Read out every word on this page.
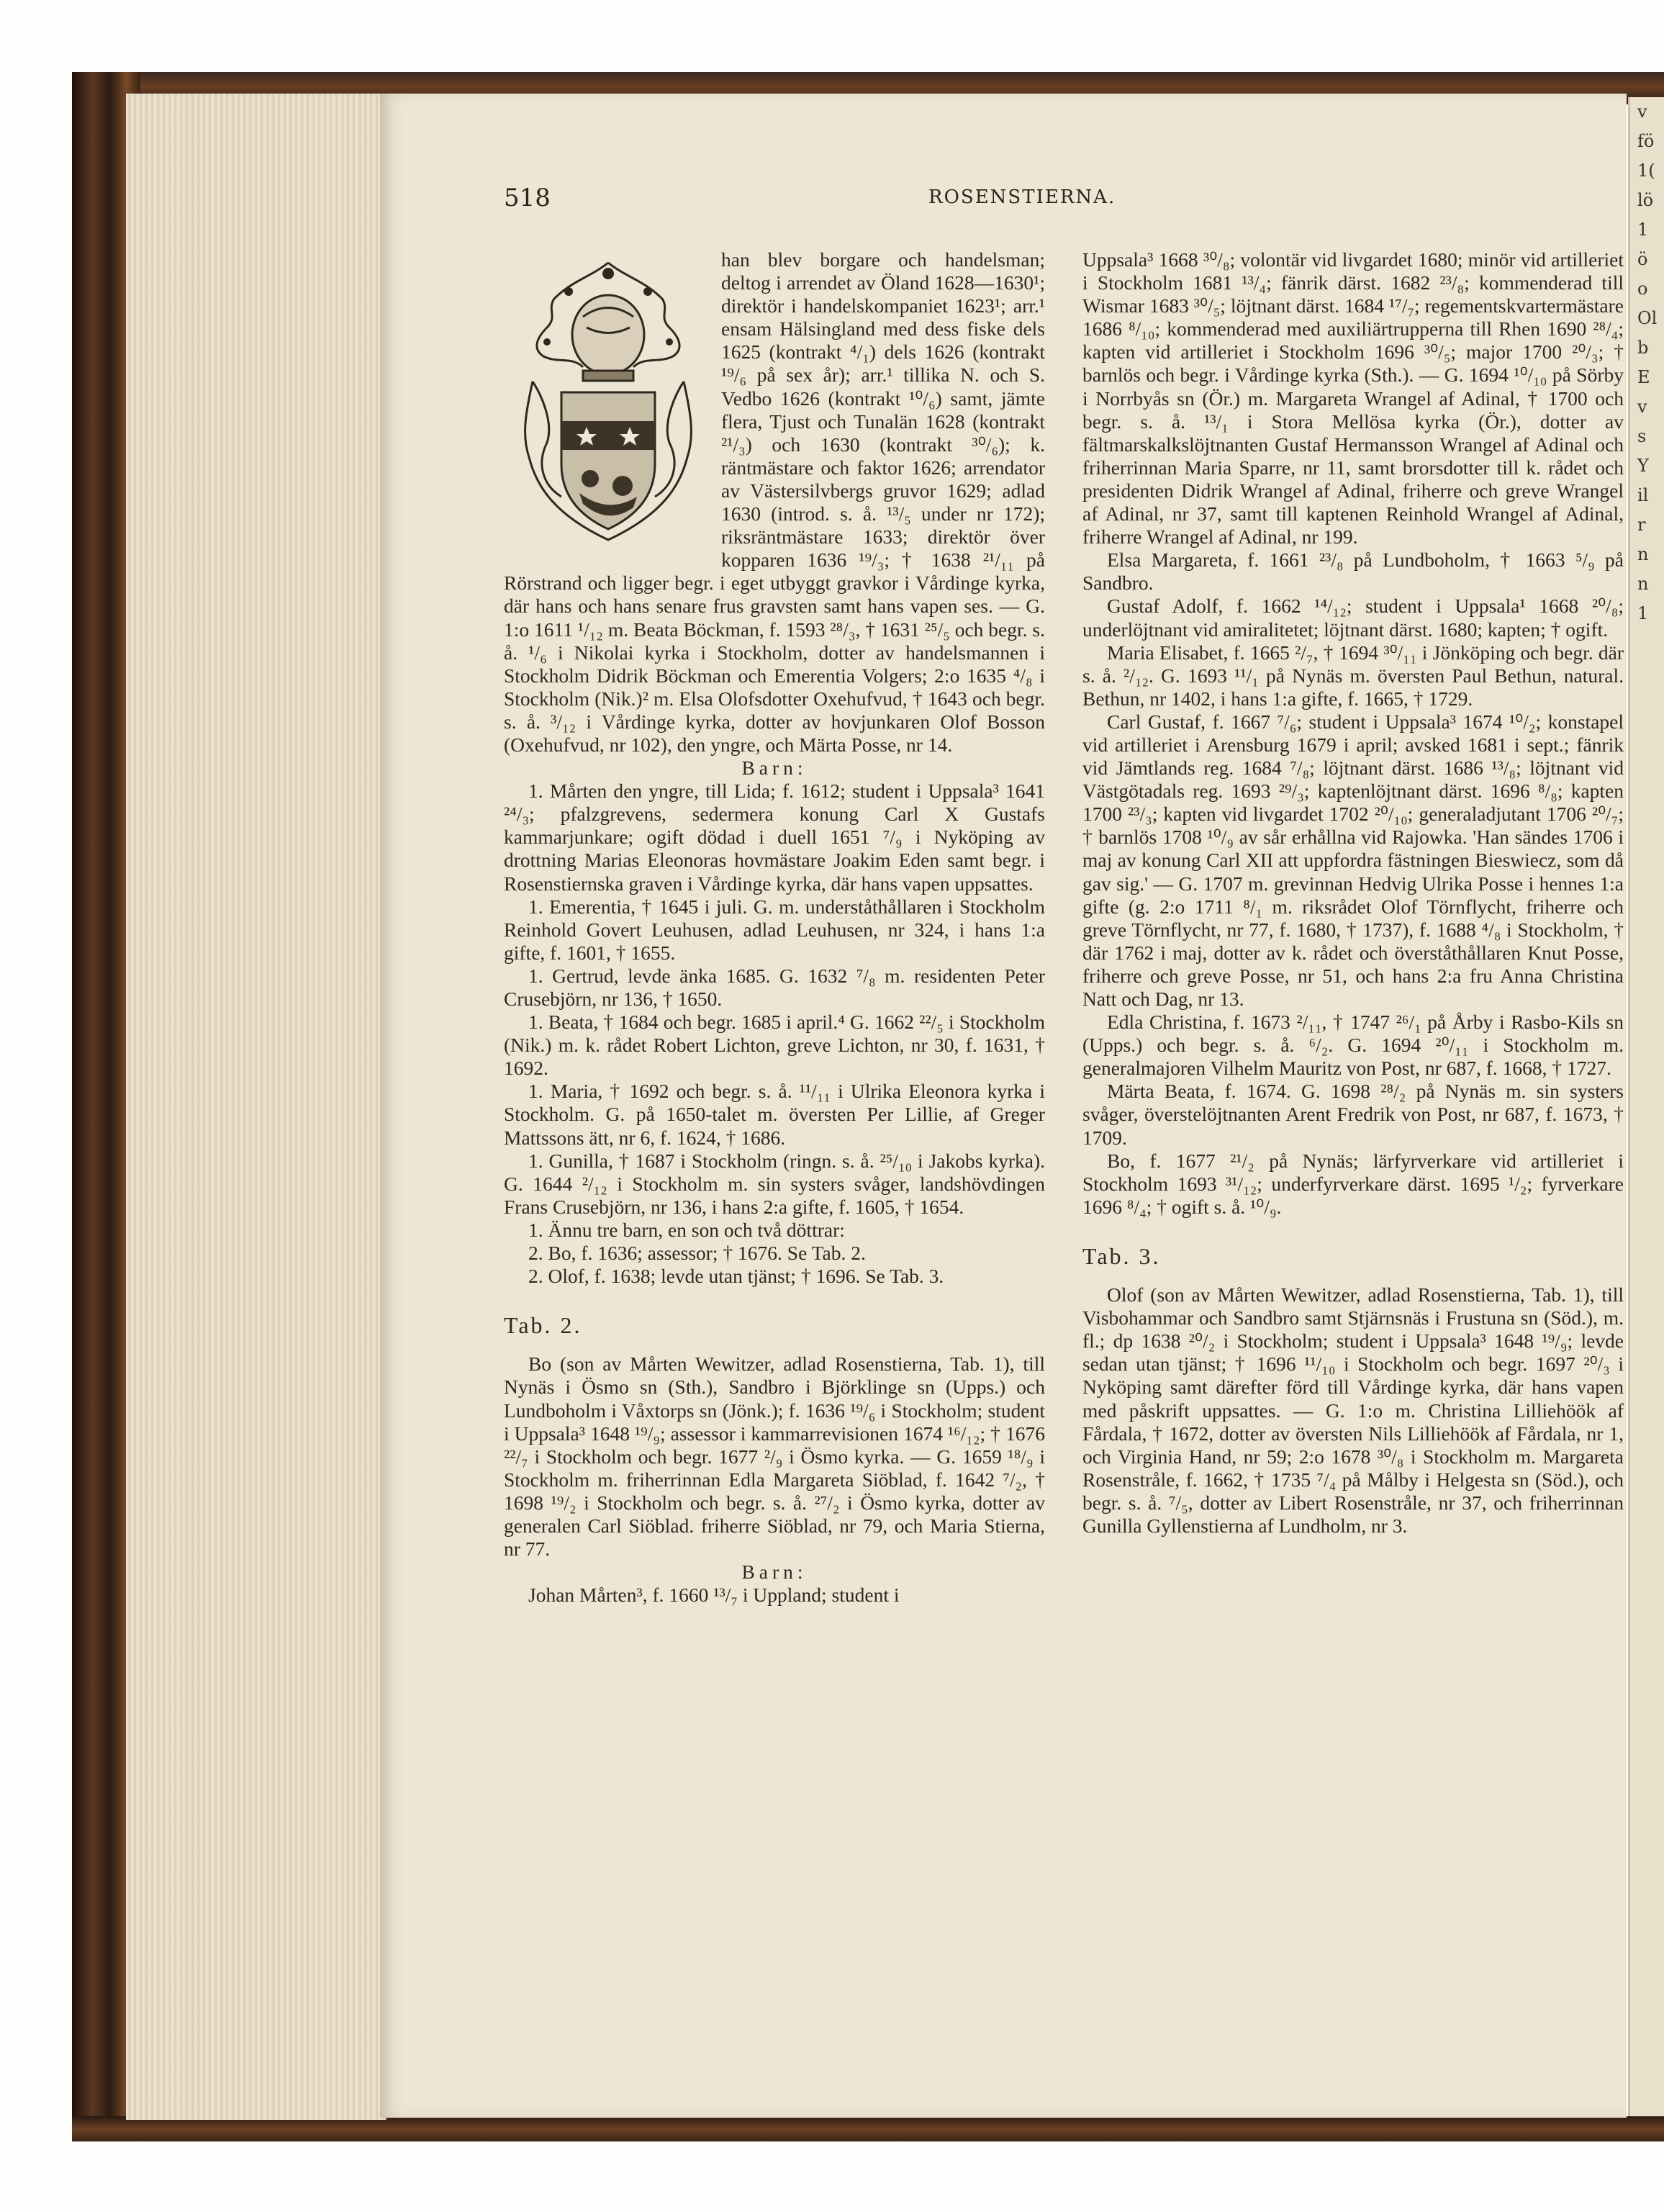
v
fö
1(
lö
1
ö
o
Ol
b
E
v
s
Y
il
r
n
n
1
518	ROSENSTIERNA.

han blev borgare och handelsman; deltog i arrendet av Öland 1628—1630¹; direktör i handelskompaniet 1623¹; arr.¹ ensam Hälsingland med dess fiske dels 1625 (kontrakt ⁴/₁) dels 1626 (kontrakt ¹⁹/₆ på sex år); arr.¹ tillika N. och S. Vedbo 1626 (kontrakt ¹⁰/₆) samt, jämte flera, Tjust och Tunalän 1628 (kontrakt ²¹/₃) och 1630 (kontrakt ³⁰/₆); k. räntmästare och faktor 1626; arrendator av Västersilvbergs gruvor 1629; adlad 1630 (introd. s. å. ¹³/₅ under nr 172); riksräntmästare 1633; direktör över kopparen 1636 ¹⁹/₃; † 1638 ²¹/₁₁ på Rörstrand och ligger begr. i eget utbyggt gravkor i Vårdinge kyrka, där hans och hans senare frus gravsten samt hans vapen ses. — G. 1:o 1611 ¹/₁₂ m. Beata Böckman, f. 1593 ²⁸/₃, † 1631 ²⁵/₅ och begr. s. å. ¹/₆ i Nikolai kyrka i Stockholm, dotter av handelsmannen i Stockholm Didrik Böckman och Emerentia Volgers; 2:o 1635 ⁴/₈ i Stockholm (Nik.)² m. Elsa Olofsdotter Oxehufvud, † 1643 och begr. s. å. ³/₁₂ i Vårdinge kyrka, dotter av hovjunkaren Olof Bosson (Oxehufvud, nr 102), den yngre, och Märta Posse, nr 14.

Barn:

1. Mårten den yngre, till Lida; f. 1612; student i Uppsala³ 1641 ²⁴/₃; pfalzgrevens, sedermera konung Carl X Gustafs kammarjunkare; ogift dödad i duell 1651 ⁷/₉ i Nyköping av drottning Marias Eleonoras hovmästare Joakim Eden samt begr. i Rosenstiernska graven i Vårdinge kyrka, där hans vapen uppsattes.

1. Emerentia, † 1645 i juli. G. m. underståthållaren i Stockholm Reinhold Govert Leuhusen, adlad Leuhusen, nr 324, i hans 1:a gifte, f. 1601, † 1655.

1. Gertrud, levde änka 1685. G. 1632 ⁷/₈ m. residenten Peter Crusebjörn, nr 136, † 1650.

1. Beata, † 1684 och begr. 1685 i april.⁴ G. 1662 ²²/₅ i Stockholm (Nik.) m. k. rådet Robert Lichton, greve Lichton, nr 30, f. 1631, † 1692.

1. Maria, † 1692 och begr. s. å. ¹¹/₁₁ i Ulrika Eleonora kyrka i Stockholm. G. på 1650-talet m. översten Per Lillie, af Greger Mattssons ätt, nr 6, f. 1624, † 1686.

1. Gunilla, † 1687 i Stockholm (ringn. s. å. ²⁵/₁₀ i Jakobs kyrka). G. 1644 ²/₁₂ i Stockholm m. sin systers svåger, landshövdingen Frans Crusebjörn, nr 136, i hans 2:a gifte, f. 1605, † 1654.

1. Ännu tre barn, en son och två döttrar:

2. Bo, f. 1636; assessor; † 1676. Se Tab. 2.

2. Olof, f. 1638; levde utan tjänst; † 1696. Se Tab. 3.

Tab. 2.

Bo (son av Mårten Wewitzer, adlad Rosenstierna, Tab. 1), till Nynäs i Ösmo sn (Sth.), Sandbro i Björklinge sn (Upps.) och Lundboholm i Våxtorps sn (Jönk.); f. 1636 ¹⁹/₆ i Stockholm; student i Uppsala³ 1648 ¹⁹/₉; assessor i kammarrevisionen 1674 ¹⁶/₁₂; † 1676 ²²/₇ i Stockholm och begr. 1677 ²/₉ i Ösmo kyrka. — G. 1659 ¹⁸/₉ i Stockholm m. friherrinnan Edla Margareta Siöblad, f. 1642 ⁷/₂, † 1698 ¹⁹/₂ i Stockholm och begr. s. å. ²⁷/₂ i Ösmo kyrka, dotter av generalen Carl Siöblad. friherre Siöblad, nr 79, och Maria Stierna, nr 77.

Barn:

Johan Mårten³, f. 1660 ¹³/₇ i Uppland; student i

Uppsala³ 1668 ³⁰/₈; volontär vid livgardet 1680; minör vid artilleriet i Stockholm 1681 ¹³/₄; fänrik därst. 1682 ²³/₈; kommenderad till Wismar 1683 ³⁰/₅; löjtnant därst. 1684 ¹⁷/₇; regementskvartermästare 1686 ⁸/₁₀; kommenderad med auxiliärtrupperna till Rhen 1690 ²⁸/₄; kapten vid artilleriet i Stockholm 1696 ³⁰/₅; major 1700 ²⁰/₃; † barnlös och begr. i Vårdinge kyrka (Sth.). — G. 1694 ¹⁰/₁₀ på Sörby i Norrbyås sn (Ör.) m. Margareta Wrangel af Adinal, † 1700 och begr. s. å. ¹³/₁ i Stora Mellösa kyrka (Ör.), dotter av fältmarskalkslöjtnanten Gustaf Hermansson Wrangel af Adinal och friherrinnan Maria Sparre, nr 11, samt brorsdotter till k. rådet och presidenten Didrik Wrangel af Adinal, friherre och greve Wrangel af Adinal, nr 37, samt till kaptenen Reinhold Wrangel af Adinal, friherre Wrangel af Adinal, nr 199.

Elsa Margareta, f. 1661 ²³/₈ på Lundboholm, † 1663 ⁵/₉ på Sandbro.

Gustaf Adolf, f. 1662 ¹⁴/₁₂; student i Uppsala¹ 1668 ²⁰/₈; underlöjtnant vid amiralitetet; löjtnant därst. 1680; kapten; † ogift.

Maria Elisabet, f. 1665 ²/₇, † 1694 ³⁰/₁₁ i Jönköping och begr. där s. å. ²/₁₂. G. 1693 ¹¹/₁ på Nynäs m. översten Paul Bethun, natural. Bethun, nr 1402, i hans 1:a gifte, f. 1665, † 1729.

Carl Gustaf, f. 1667 ⁷/₆; student i Uppsala³ 1674 ¹⁰/₂; konstapel vid artilleriet i Arensburg 1679 i april; avsked 1681 i sept.; fänrik vid Jämtlands reg. 1684 ⁷/₈; löjtnant därst. 1686 ¹³/₈; löjtnant vid Västgötadals reg. 1693 ²⁹/₃; kaptenlöjtnant därst. 1696 ⁸/₈; kapten 1700 ²³/₃; kapten vid livgardet 1702 ²⁰/₁₀; generaladjutant 1706 ²⁰/₇; † barnlös 1708 ¹⁰/₉ av sår erhållna vid Rajowka. 'Han sändes 1706 i maj av konung Carl XII att uppfordra fästningen Bieswiecz, som då gav sig.' — G. 1707 m. grevinnan Hedvig Ulrika Posse i hennes 1:a gifte (g. 2:o 1711 ⁸/₁ m. riksrådet Olof Törnflycht, friherre och greve Törnflycht, nr 77, f. 1680, † 1737), f. 1688 ⁴/₈ i Stockholm, † där 1762 i maj, dotter av k. rådet och överståthållaren Knut Posse, friherre och greve Posse, nr 51, och hans 2:a fru Anna Christina Natt och Dag, nr 13.

Edla Christina, f. 1673 ²/₁₁, † 1747 ²⁶/₁ på Årby i Rasbo-Kils sn (Upps.) och begr. s. å. ⁶/₂. G. 1694 ²⁰/₁₁ i Stockholm m. generalmajoren Vilhelm Mauritz von Post, nr 687, f. 1668, † 1727.

Märta Beata, f. 1674. G. 1698 ²⁸/₂ på Nynäs m. sin systers svåger, överstelöjtnanten Arent Fredrik von Post, nr 687, f. 1673, † 1709.

Bo, f. 1677 ²¹/₂ på Nynäs; lärfyrverkare vid artilleriet i Stockholm 1693 ³¹/₁₂; underfyrverkare därst. 1695 ¹/₂; fyrverkare 1696 ⁸/₄; † ogift s. å. ¹⁰/₉.

Tab. 3.

Olof (son av Mårten Wewitzer, adlad Rosenstierna, Tab. 1), till Visbohammar och Sandbro samt Stjärnsnäs i Frustuna sn (Söd.), m. fl.; dp 1638 ²⁰/₂ i Stockholm; student i Uppsala³ 1648 ¹⁹/₉; levde sedan utan tjänst; † 1696 ¹¹/₁₀ i Stockholm och begr. 1697 ²⁰/₃ i Nyköping samt därefter förd till Vårdinge kyrka, där hans vapen med påskrift uppsattes. — G. 1:o m. Christina Lilliehöök af Fårdala, † 1672, dotter av översten Nils Lilliehöök af Fårdala, nr 1, och Virginia Hand, nr 59; 2:o 1678 ³⁰/₈ i Stockholm m. Margareta Rosenstråle, f. 1662, † 1735 ⁷/₄ på Målby i Helgesta sn (Söd.), och begr. s. å. ⁷/₅, dotter av Libert Rosenstråle, nr 37, och friherrinnan Gunilla Gyllenstierna af Lundholm, nr 3.
